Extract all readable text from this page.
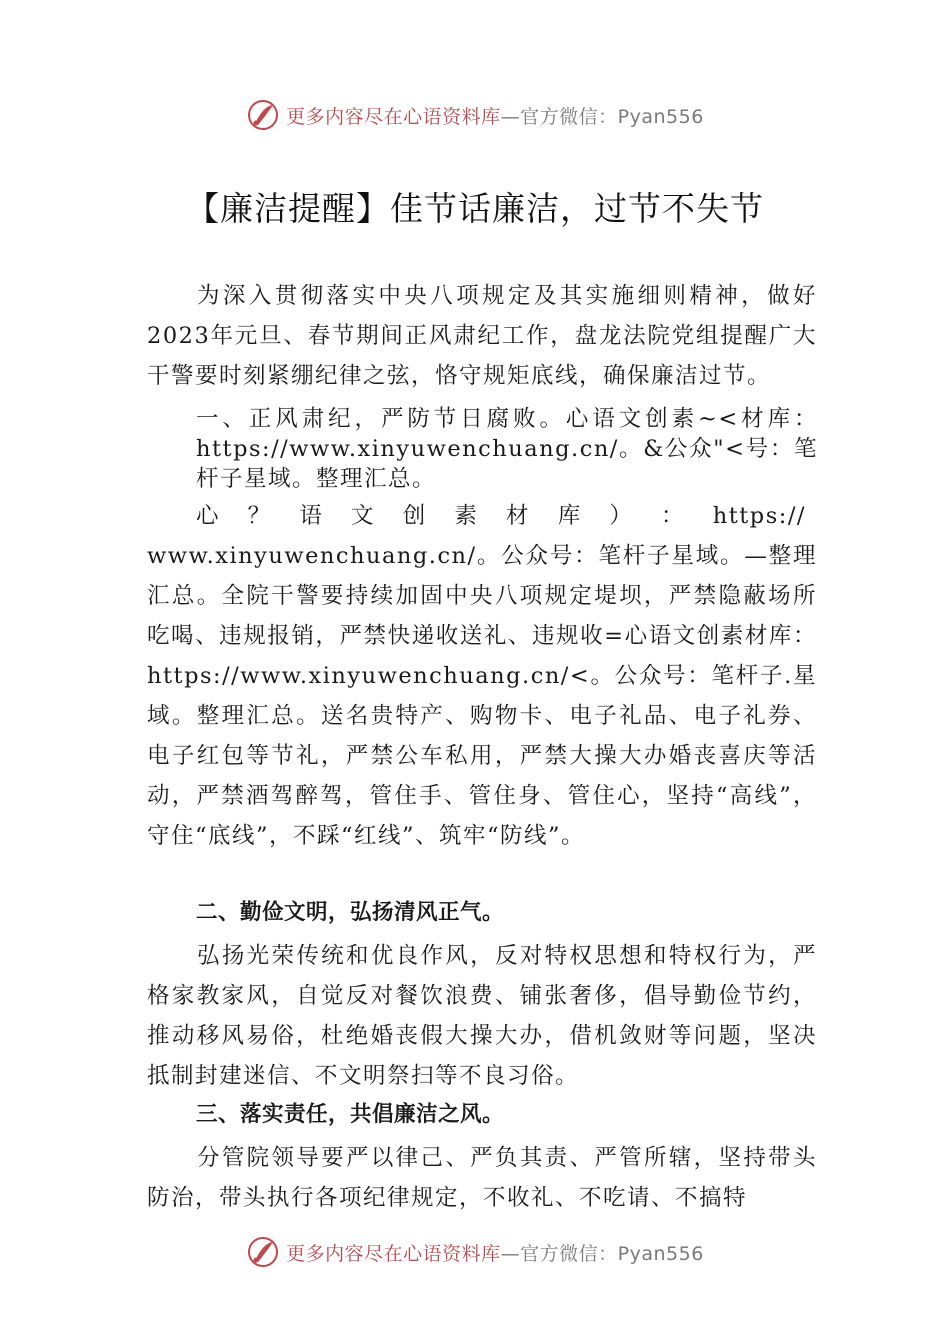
更多内容尽在心语资料库 —官方微信：Pyan556
【廉洁提醒】佳节话廉洁，过节不失节

为深入贯彻落实中央八项规定及其实施细则精神，做好2023年元旦、春节期间正风肃纪工作，盘龙法院党组提醒广大干警要时刻紧绷纪律之弦，恪守规矩底线，确保廉洁过节。

一、正风肃纪，严防节日腐败。心语文创素~<材库：https://www.xinyuwenchuang.cn/。&公众"<号：笔杆子星域。整理汇总。

心 ？ 语 文 创 素 材 库 ） ： https://

www.xinyuwenchuang.cn/。公众号：笔杆子星域。—整理汇总。全院干警要持续加固中央八项规定堤坝，严禁隐蔽场所吃喝、违规报销，严禁快递收送礼、违规收=心语文创素材库：https://www.xinyuwenchuang.cn/<。公众号：笔杆子.星域。整理汇总。送名贵特产、购物卡、电子礼品、电子礼券、电子红包等节礼，严禁公车私用，严禁大操大办婚丧喜庆等活动，严禁酒驾醉驾，管住手、管住身、管住心，坚持“高线”，守住“底线”，不踩“红线”、筑牢“防线”。

二、勤俭文明，弘扬清风正气。

弘扬光荣传统和优良作风，反对特权思想和特权行为，严格家教家风，自觉反对餐饮浪费、铺张奢侈，倡导勤俭节约，推动移风易俗，杜绝婚丧假大操大办，借机敛财等问题，坚决抵制封建迷信、不文明祭扫等不良习俗。

三、落实责任，共倡廉洁之风。

分管院领导要严以律己、严负其责、严管所辖，坚持带头防治，带头执行各项纪律规定，不收礼、不吃请、不搞特

更多内容尽在心语资料库 —官方微信：Pyan556
